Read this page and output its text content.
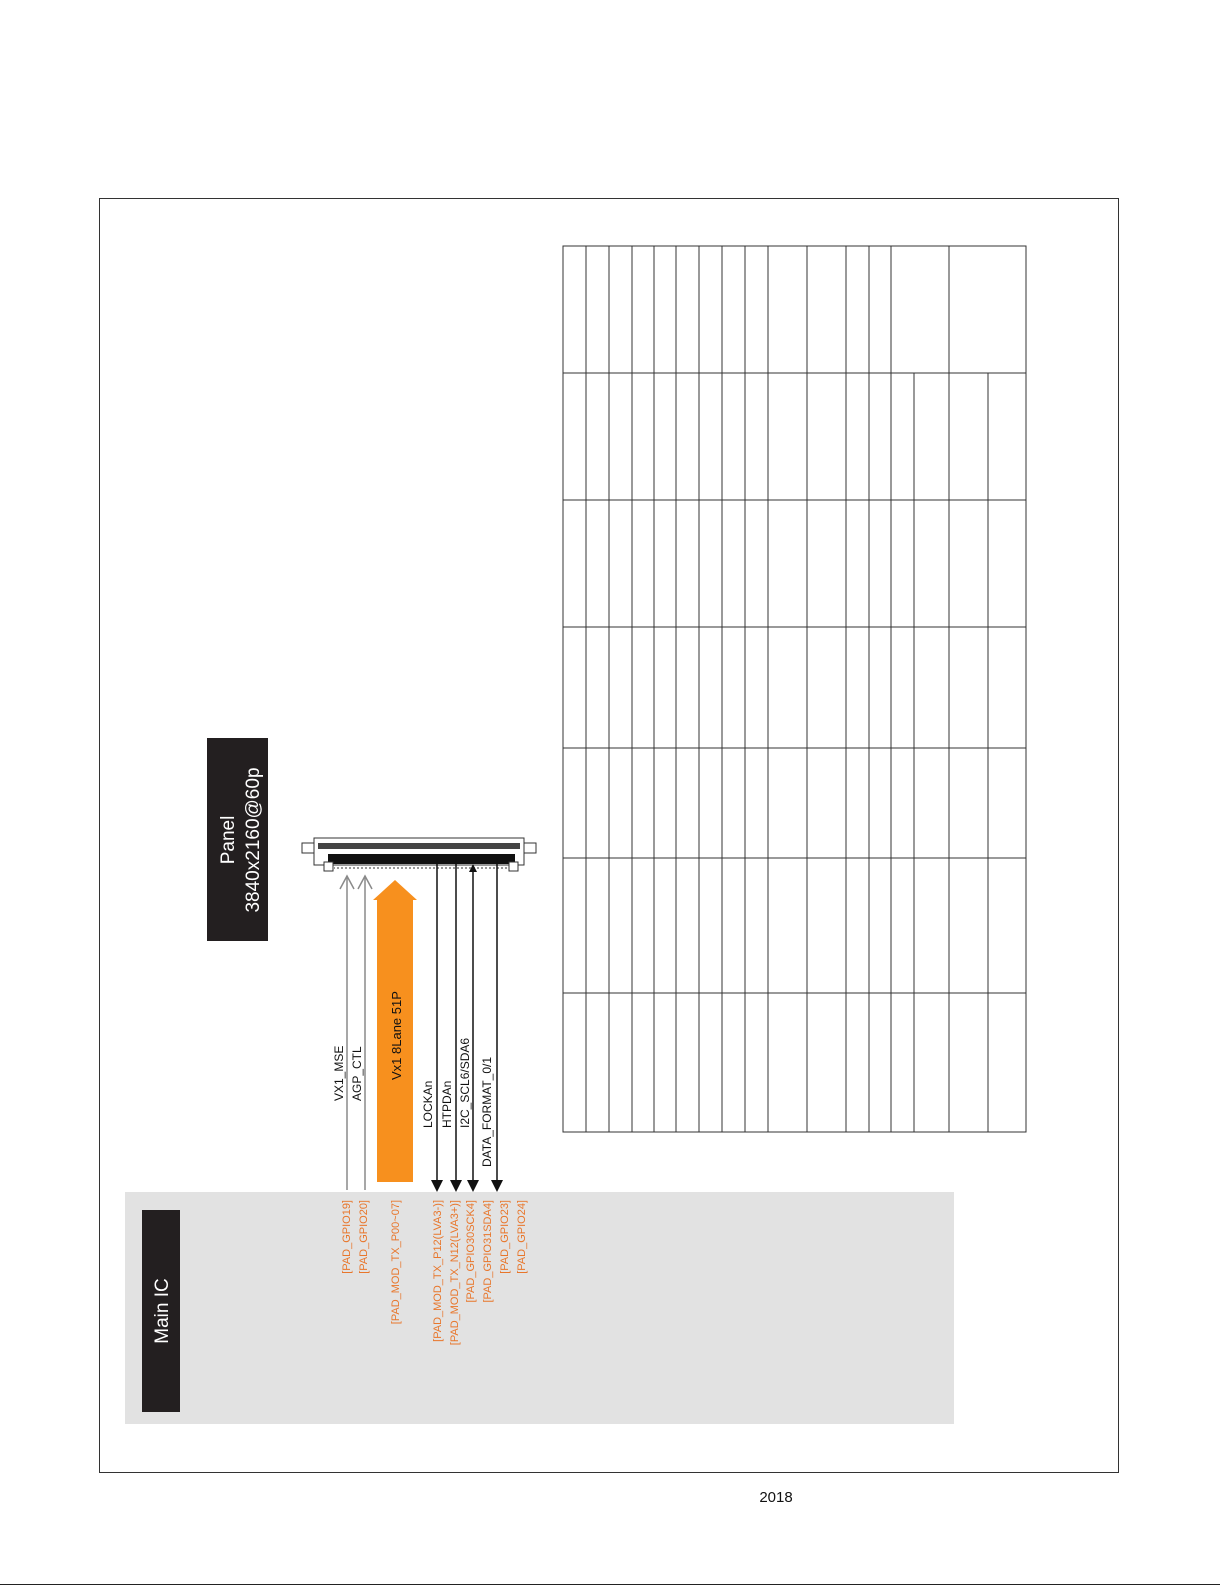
Main IC
Panel 3840x2160@60p
Vx1 8Lane 51P
VX1_MSE AGP_CTL
LOCKAn HTPDAn I2C_SCL6/SDA6 DATA_FORMAT_0/1
[PAD_GPIO19] [PAD_GPIO20] [PAD_MOD_TX_P00~07]	[PAD_MOD_TX_P12(LVA3-)] [PAD_MOD_TX_N12(LVA3+)] [PAD_GPIO30SCK4] [PAD_GPIO31SDA4] [PAD_GPIO23] [PAD_GPIO24]
2018
